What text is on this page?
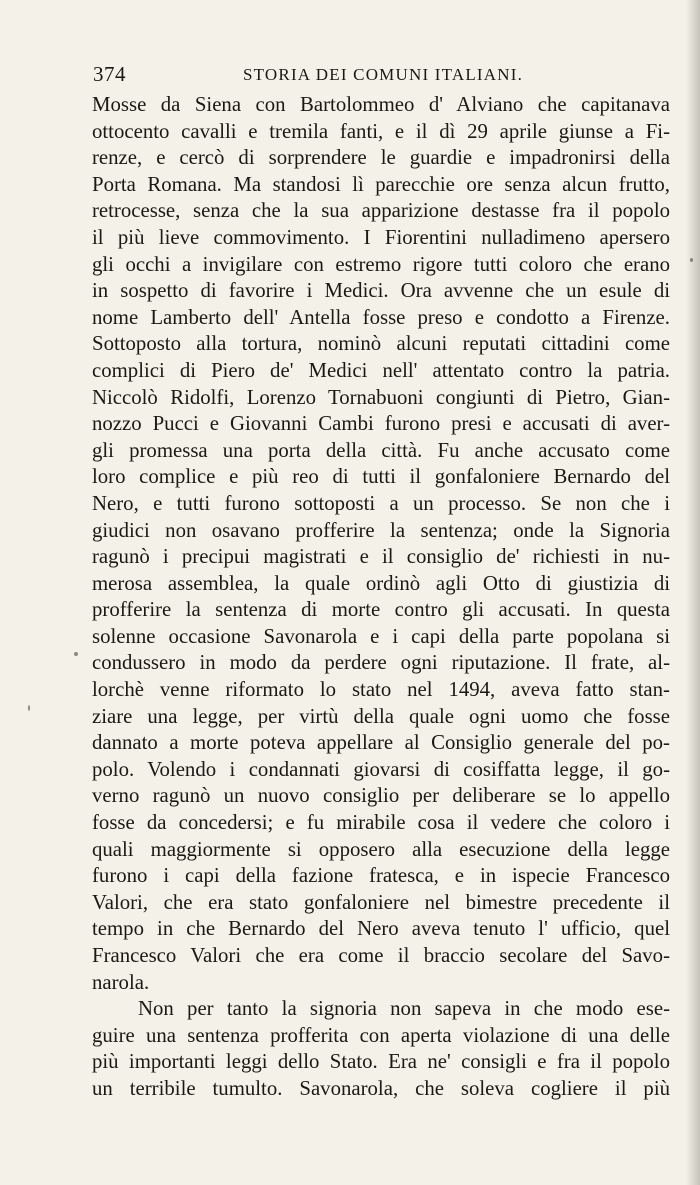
374	STORIA DEI COMUNI ITALIANI.
Mosse da Siena con Bartolommeo d' Alviano che capitanava
ottocento cavalli e tremila fanti, e il dì 29 aprile giunse a Fi-
renze, e cercò di sorprendere le guardie e impadronirsi della
Porta Romana. Ma standosi lì parecchie ore senza alcun frutto,
retrocesse, senza che la sua apparizione destasse fra il popolo
il più lieve commovimento. I Fiorentini nulladimeno apersero
gli occhi a invigilare con estremo rigore tutti coloro che erano
in sospetto di favorire i Medici. Ora avvenne che un esule di
nome Lamberto dell' Antella fosse preso e condotto a Firenze.
Sottoposto alla tortura, nominò alcuni reputati cittadini come
complici di Piero de' Medici nell' attentato contro la patria.
Niccolò Ridolfi, Lorenzo Tornabuoni congiunti di Pietro, Gian-
nozzo Pucci e Giovanni Cambi furono presi e accusati di aver-
gli promessa una porta della città. Fu anche accusato come
loro complice e più reo di tutti il gonfaloniere Bernardo del
Nero, e tutti furono sottoposti a un processo. Se non che i
giudici non osavano profferire la sentenza; onde la Signoria
ragunò i precipui magistrati e il consiglio de' richiesti in nu-
merosa assemblea, la quale ordinò agli Otto di giustizia di
profferire la sentenza di morte contro gli accusati. In questa
solenne occasione Savonarola e i capi della parte popolana si
condussero in modo da perdere ogni riputazione. Il frate, al-
lorchè venne riformato lo stato nel 1494, aveva fatto stan-
ziare una legge, per virtù della quale ogni uomo che fosse
dannato a morte poteva appellare al Consiglio generale del po-
polo. Volendo i condannati giovarsi di cosiffatta legge, il go-
verno ragunò un nuovo consiglio per deliberare se lo appello
fosse da concedersi; e fu mirabile cosa il vedere che coloro i
quali maggiormente si opposero alla esecuzione della legge
furono i capi della fazione fratesca, e in ispecie Francesco
Valori, che era stato gonfaloniere nel bimestre precedente il
tempo in che Bernardo del Nero aveva tenuto l' ufficio, quel
Francesco Valori che era come il braccio secolare del Savo-
narola.
Non per tanto la signoria non sapeva in che modo ese-
guire una sentenza profferita con aperta violazione di una delle
più importanti leggi dello Stato. Era ne' consigli e fra il popolo
un terribile tumulto. Savonarola, che soleva cogliere il più
